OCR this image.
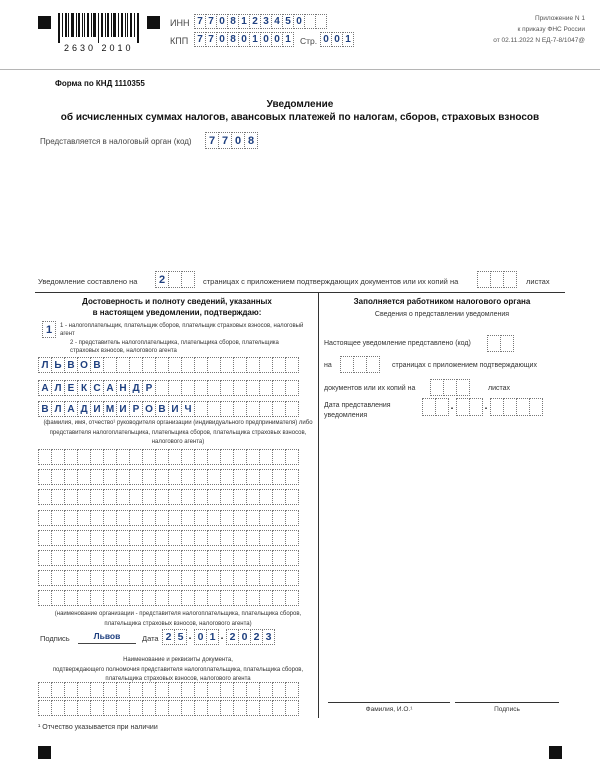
2630 2010
ИНН 7 7 0 8 1 2 3 4 5 0
КПП 7 7 0 8 0 1 0 0 1	Стр. 0 0 1
Приложение N 1
к приказу ФНС России
от 02.11.2022 N ЕД-7-8/1047@
Форма по КНД 1110355
Уведомление
об исчисленных суммах налогов, авансовых платежей по налогам, сборов, страховых взносов
Представляется в налоговый орган (код)	7 7 0 8
Уведомление составлено на	2	страницах с приложением подтверждающих документов или их копий на	листах
Достоверность и полноту сведений, указанных
в настоящем уведомлении, подтверждаю:
1	1 - налогоплательщик, плательщик сборов, плательщик страховых взносов, налоговый агент
2 - представитель налогоплательщика, плательщика сборов, плательщика страховых взносов, налогового агента
Л Ь В О В
А Л Е К С А Н Д Р
В Л А Д И М И Р О В И Ч
(фамилия, имя, отчество¹ руководителя организации (индивидуального предпринимателя) либо представителя налогоплательщика, плательщика сборов, плательщика страховых взносов, налогового агента)
(наименование организации - представителя налогоплательщика, плательщика сборов, плательщика страховых взносов, налогового агента)
Подпись	Львов	Дата 2 5 . 0 1 . 2 0 2 3
Наименование и реквизиты документа,
подтверждающего полномочия представителя налогоплательщика, плательщика сборов,
плательщика страховых взносов, налогового агента
¹ Отчество указывается при наличии
Заполняется работником налогового органа
Сведения о представлении уведомления
Настоящее уведомление представлено (код)
на	страницах с приложением подтверждающих
документов или их копий на	листах
Дата представления
уведомления
.	.
Фамилия, И.О.¹	Подпись
